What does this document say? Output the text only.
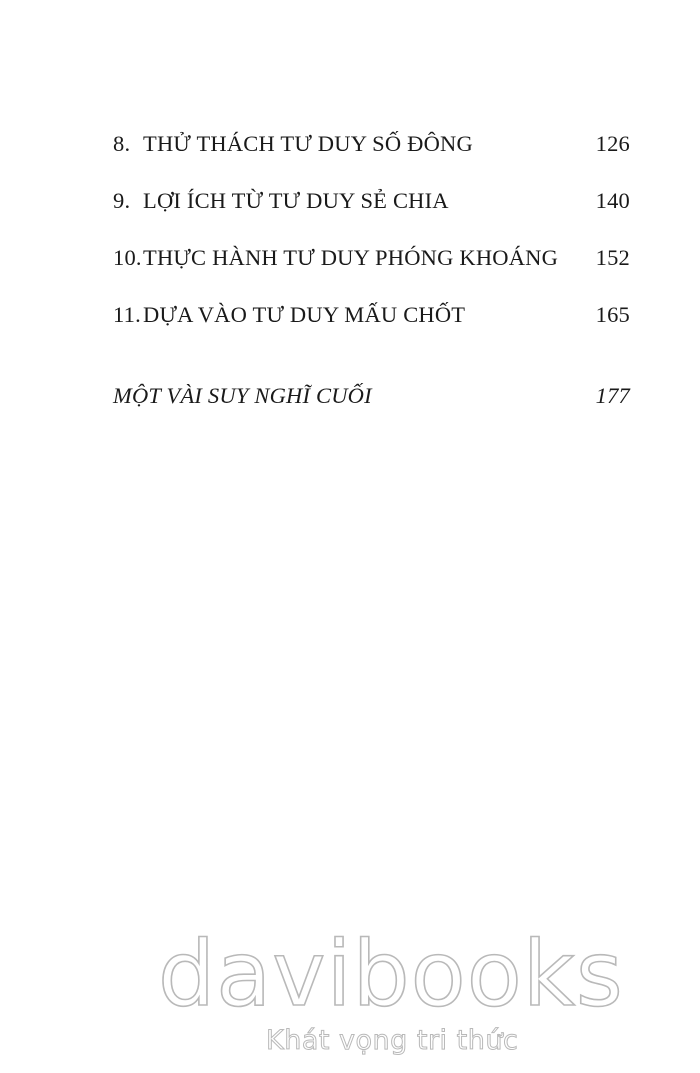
8. THỬ THÁCH TƯ DUY SỐ ĐÔNG	126
9. LỢI ÍCH TỪ TƯ DUY SẺ CHIA	140
10.THỰC HÀNH TƯ DUY PHÓNG KHOÁNG 152
11.DỰA VÀO TƯ DUY MẤU CHỐT	165
MỘT VÀI SUY NGHĨ CUỐI	177
davibooks
Khát vọng tri thức
